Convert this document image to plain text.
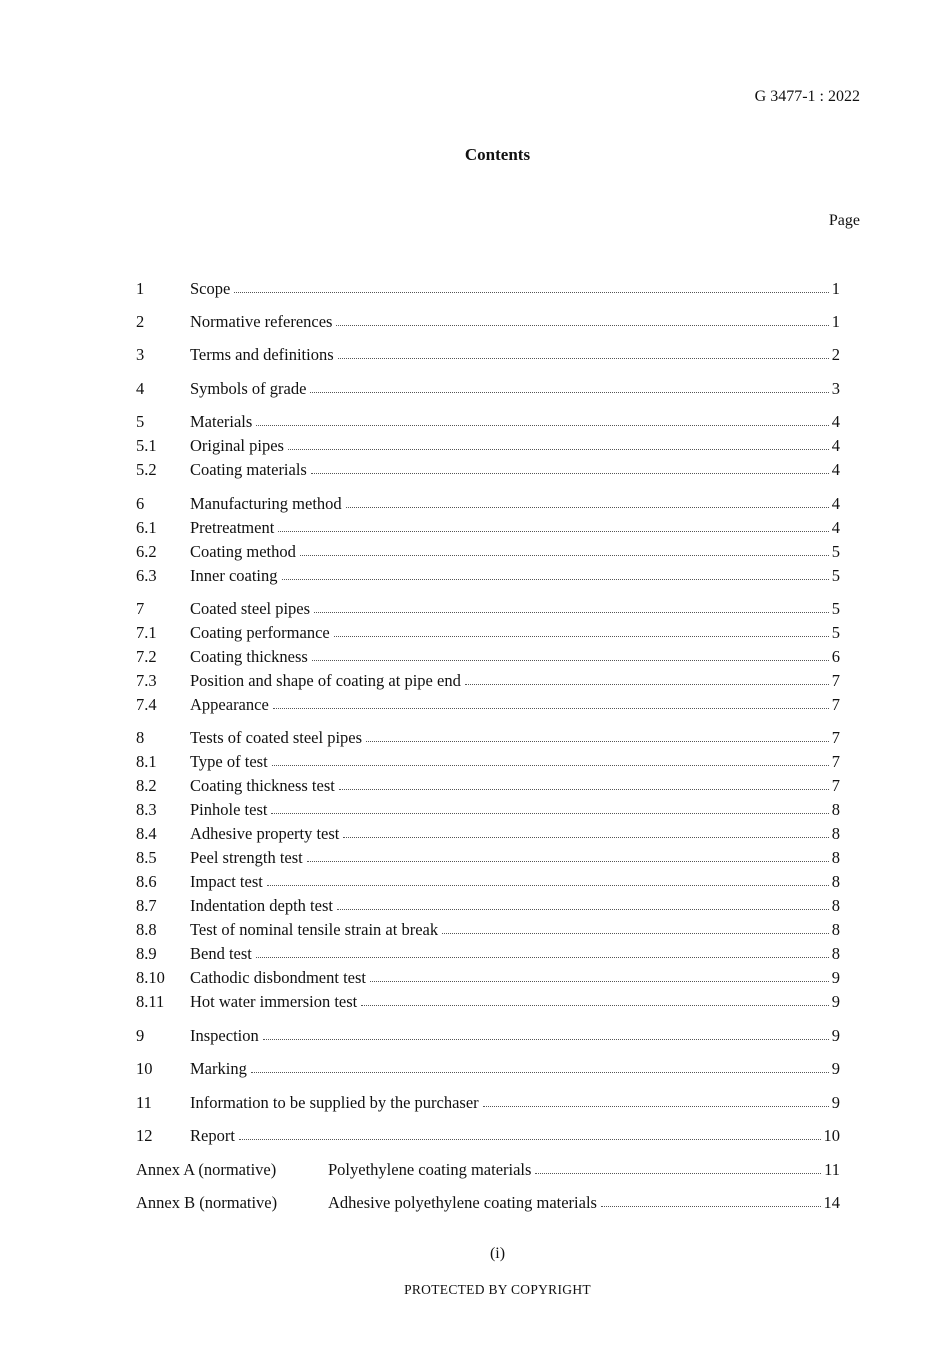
G 3477-1 : 2022
Contents
Page
1	Scope	1
2	Normative references	1
3	Terms and definitions	2
4	Symbols of grade	3
5	Materials	4
5.1	Original pipes	4
5.2	Coating materials	4
6	Manufacturing method	4
6.1	Pretreatment	4
6.2	Coating method	5
6.3	Inner coating	5
7	Coated steel pipes	5
7.1	Coating performance	5
7.2	Coating thickness	6
7.3	Position and shape of coating at pipe end	7
7.4	Appearance	7
8	Tests of coated steel pipes	7
8.1	Type of test	7
8.2	Coating thickness test	7
8.3	Pinhole test	8
8.4	Adhesive property test	8
8.5	Peel strength test	8
8.6	Impact test	8
8.7	Indentation depth test	8
8.8	Test of nominal tensile strain at break	8
8.9	Bend test	8
8.10	Cathodic disbondment test	9
8.11	Hot water immersion test	9
9	Inspection	9
10	Marking	9
11	Information to be supplied by the purchaser	9
12	Report	10
Annex A (normative)	Polyethylene coating materials	11
Annex B (normative)	Adhesive polyethylene coating materials	14
(i)
PROTECTED BY COPYRIGHT
